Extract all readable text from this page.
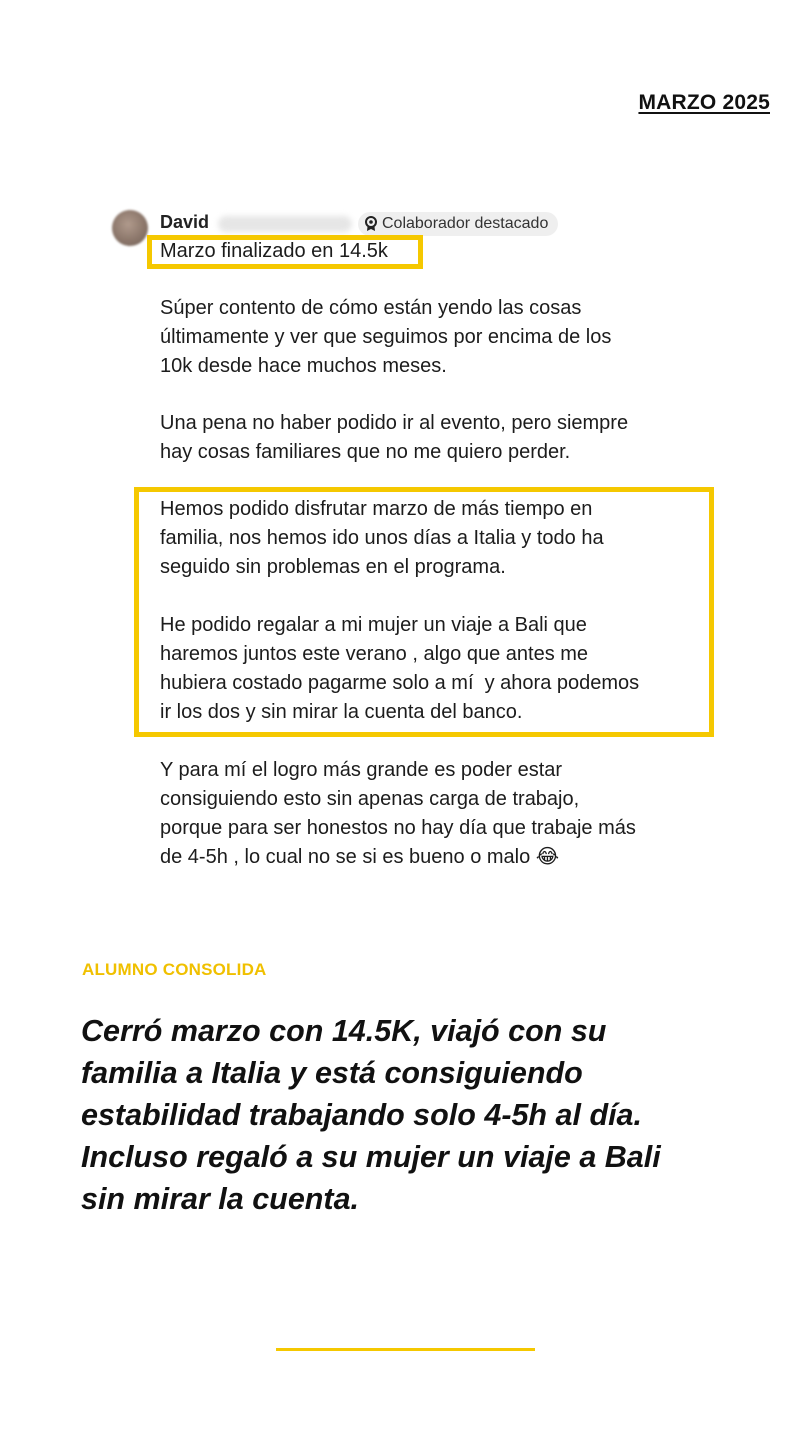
MARZO 2025
David	Colaborador destacado
Marzo finalizado en 14.5k
Súper contento de cómo están yendo las cosas
últimamente y ver que seguimos por encima de los
10k desde hace muchos meses.
Una pena no haber podido ir al evento, pero siempre
hay cosas familiares que no me quiero perder.
Hemos podido disfrutar marzo de más tiempo en
familia, nos hemos ido unos días a Italia y todo ha
seguido sin problemas en el programa.
He podido regalar a mi mujer un viaje a Bali que
haremos juntos este verano , algo que antes me
hubiera costado pagarme solo a mí  y ahora podemos
ir los dos y sin mirar la cuenta del banco.
Y para mí el logro más grande es poder estar
consiguiendo esto sin apenas carga de trabajo,
porque para ser honestos no hay día que trabaje más
de 4-5h , lo cual no se si es bueno o malo 😂
ALUMNO CONSOLIDA
Cerró marzo con 14.5K, viajó con su
familia a Italia y está consiguiendo
estabilidad trabajando solo 4-5h al día.
Incluso regaló a su mujer un viaje a Bali
sin mirar la cuenta.
